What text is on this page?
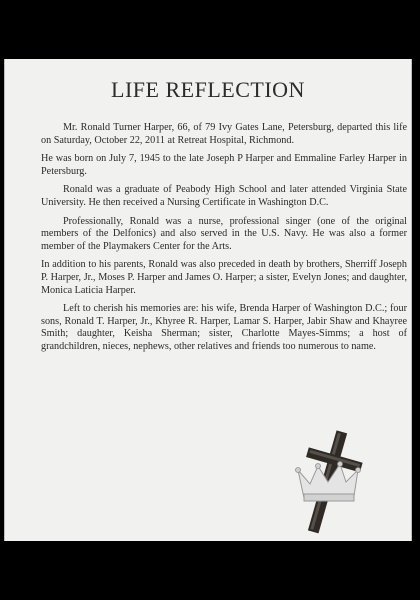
LIFE REFLECTION

Mr. Ronald Turner Harper, 66, of 79 Ivy Gates Lane, Petersburg, departed this life on Saturday, October 22, 2011 at Retreat Hospital, Richmond.

He was born on July 7, 1945 to the late Joseph P Harper and Emmaline Farley Harper in Petersburg.

Ronald was a graduate of Peabody High School and later attended Virginia State University. He then received a Nursing Certificate in Washington D.C.

Professionally, Ronald was a nurse, professional singer (one of the original members of the Delfonics) and also served in the U.S. Navy. He was also a former member of the Playmakers Center for the Arts.

In addition to his parents, Ronald was also preceded in death by brothers, Sherriff Joseph P. Harper, Jr., Moses P. Harper and James O. Harper; a sister, Evelyn Jones; and daughter, Monica Laticia Harper.

Left to cherish his memories are: his wife, Brenda Harper of Washington D.C.; four sons, Ronald T. Harper, Jr., Khyree R. Harper, Lamar S. Harper, Jabir Shaw and Khayree Smith; daughter, Keisha Sherman; sister, Charlotte Mayes-Simms; a host of grandchildren, nieces, nephews, other relatives and friends too numerous to name.
